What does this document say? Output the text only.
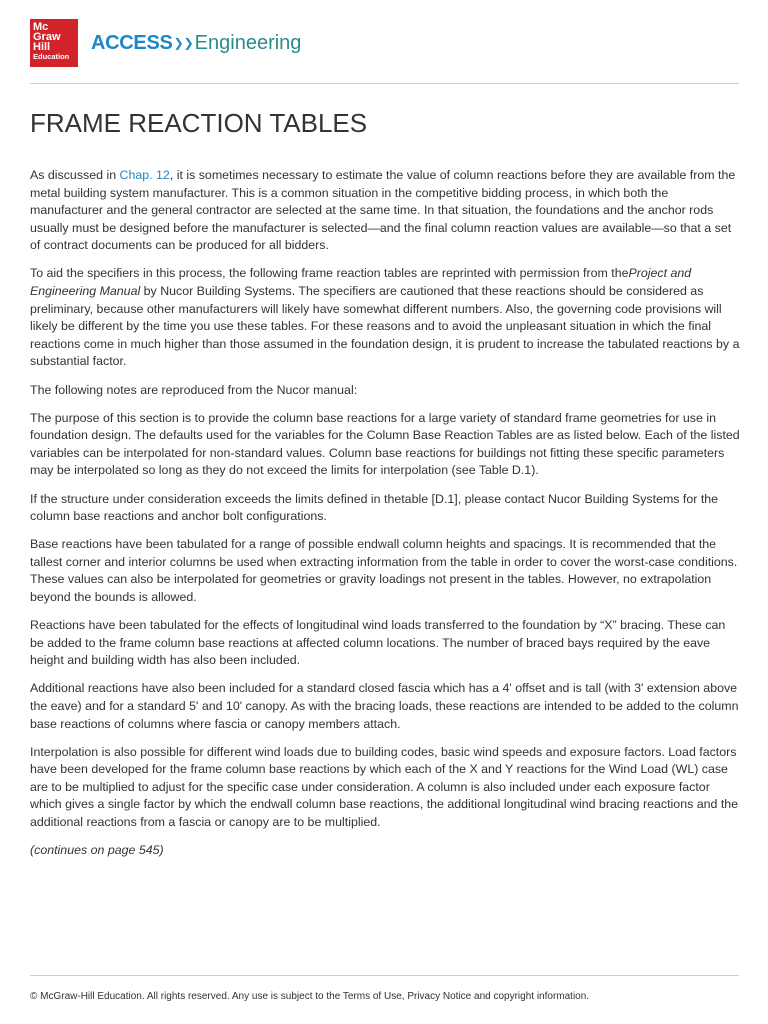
Mc
Graw
Hill
Education
ACCESS ❯❯ Engineering
FRAME REACTION TABLES

As discussed in Chap. 12, it is sometimes necessary to estimate the value of column reactions before they are available from the metal building system manufacturer. This is a common situation in the competitive bidding process, in which both the manufacturer and the general contractor are selected at the same time. In that situation, the foundations and the anchor rods usually must be designed before the manufacturer is selected—and the final column reaction values are available—so that a set of contract documents can be produced for all bidders.

To aid the specifiers in this process, the following frame reaction tables are reprinted with permission from theProject and Engineering Manual by Nucor Building Systems. The specifiers are cautioned that these reactions should be considered as preliminary, because other manufacturers will likely have somewhat different numbers. Also, the governing code provisions will likely be different by the time you use these tables. For these reasons and to avoid the unpleasant situation in which the final reactions come in much higher than those assumed in the foundation design, it is prudent to increase the tabulated reactions by a substantial factor.

The following notes are reproduced from the Nucor manual:

The purpose of this section is to provide the column base reactions for a large variety of standard frame geometries for use in foundation design. The defaults used for the variables for the Column Base Reaction Tables are as listed below. Each of the listed variables can be interpolated for non-standard values. Column base reactions for buildings not fitting these specific parameters may be interpolated so long as they do not exceed the limits for interpolation (see Table D.1).

If the structure under consideration exceeds the limits defined in thetable [D.1], please contact Nucor Building Systems for the column base reactions and anchor bolt configurations.

Base reactions have been tabulated for a range of possible endwall column heights and spacings. It is recommended that the tallest corner and interior columns be used when extracting information from the table in order to cover the worst-case conditions. These values can also be interpolated for geometries or gravity loadings not present in the tables. However, no extrapolation beyond the bounds is allowed.

Reactions have been tabulated for the effects of longitudinal wind loads transferred to the foundation by “X” bracing. These can be added to the frame column base reactions at affected column locations. The number of braced bays required by the eave height and building width has also been included.

Additional reactions have also been included for a standard closed fascia which has a 4' offset and is tall (with 3' extension above the eave) and for a standard 5' and 10' canopy. As with the bracing loads, these reactions are intended to be added to the column base reactions of columns where fascia or canopy members attach.

Interpolation is also possible for different wind loads due to building codes, basic wind speeds and exposure factors. Load factors have been developed for the frame column base reactions by which each of the X and Y reactions for the Wind Load (WL) case are to be multiplied to adjust for the specific case under consideration. A column is also included under each exposure factor which gives a single factor by which the endwall column base reactions, the additional longitudinal wind bracing reactions and the additional reactions from a fascia or canopy are to be multiplied.

(continues on page 545)

© McGraw-Hill Education. All rights reserved. Any use is subject to the Terms of Use, Privacy Notice and copyright information.
